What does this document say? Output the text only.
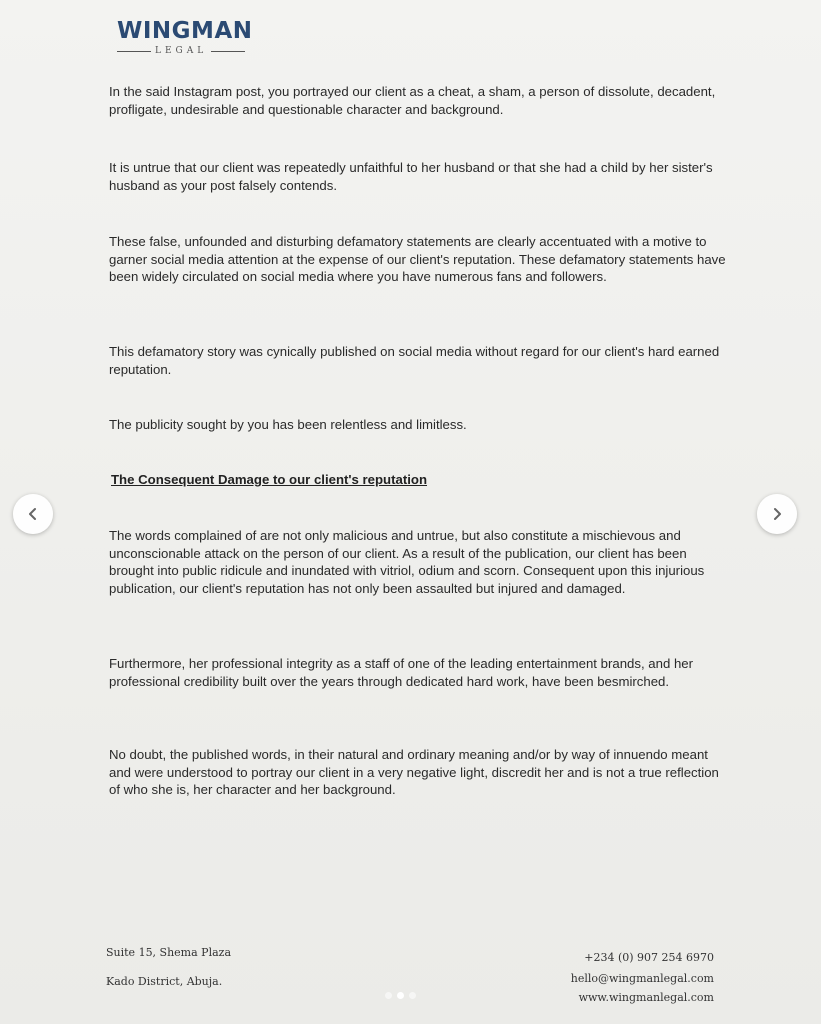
WINGMAN
LEGAL

In the said Instagram post, you portrayed our client as a cheat, a sham, a person of dissolute, decadent, profligate, undesirable and questionable character and background.

It is untrue that our client was repeatedly unfaithful to her husband or that she had a child by her sister's husband as your post falsely contends.

These false, unfounded and disturbing defamatory statements are clearly accentuated with a motive to garner social media attention at the expense of our client's reputation. These defamatory statements have been widely circulated on social media where you have numerous fans and followers.

This defamatory story was cynically published on social media without regard for our client's hard earned reputation.

The publicity sought by you has been relentless and limitless.

The Consequent Damage to our client's reputation

The words complained of are not only malicious and untrue, but also constitute a mischievous and unconscionable attack on the person of our client. As a result of the publication, our client has been brought into public ridicule and inundated with vitriol, odium and scorn. Consequent upon this injurious publication, our client's reputation has not only been assaulted but injured and damaged.

Furthermore, her professional integrity as a staff of one of the leading entertainment brands, and her professional credibility built over the years through dedicated hard work, have been besmirched.

No doubt, the published words, in their natural and ordinary meaning and/or by way of innuendo meant and were understood to portray our client in a very negative light, discredit her and is not a true reflection of who she is, her character and her background.

Suite 15, Shema Plaza
Kado District, Abuja.
+234 (0) 907 254 6970
hello@wingmanlegal.com
www.wingmanlegal.com
